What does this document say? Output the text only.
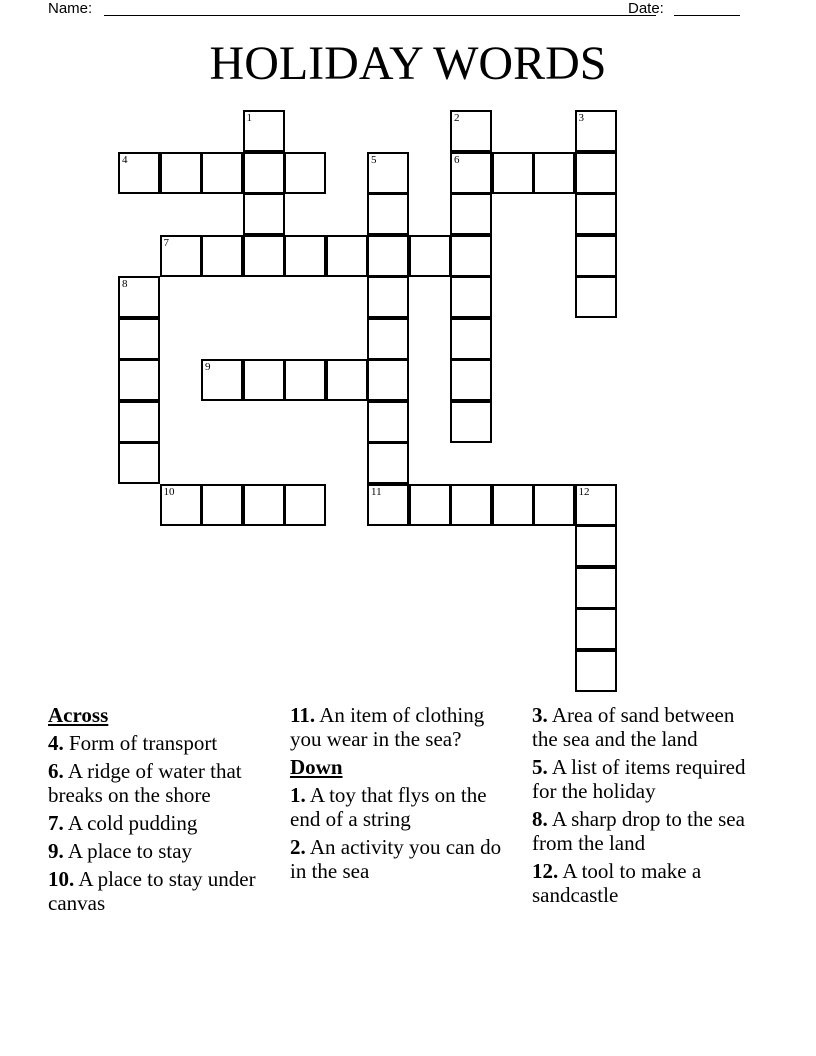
Name:	Date:
HOLIDAY WORDS
1	2
6
3
4	5
11
7
8
9
10	12
Across
4. Form of transport
6. A ridge of water that breaks on the shore
7. A cold pudding
9. A place to stay
10. A place to stay under canvas
11. An item of clothing you wear in the sea?
Down
1. A toy that flys on the end of a string
2. An activity you can do in the sea
3. Area of sand between the sea and the land
5. A list of items required for the holiday
8. A sharp drop to the sea from the land
12. A tool to make a sandcastle
